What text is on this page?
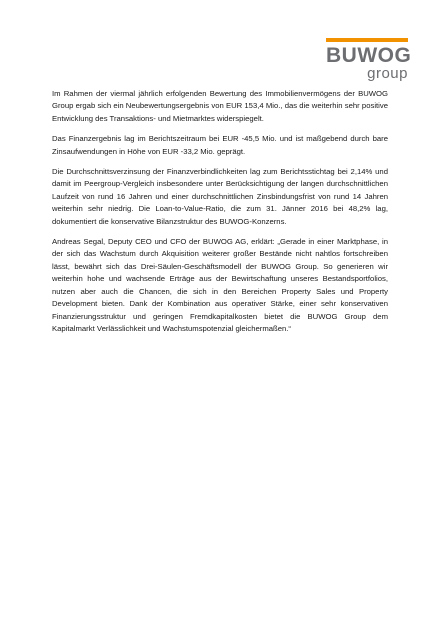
BUWOG
group

Im Rahmen der viermal jährlich erfolgenden Bewertung des Immobilienvermögens der BUWOG Group ergab sich ein Neubewertungsergebnis von EUR 153,4 Mio., das die weiterhin sehr positive Entwicklung des Transaktions- und Mietmarktes widerspiegelt.

Das Finanzergebnis lag im Berichtszeitraum bei EUR -45,5 Mio. und ist maßgebend durch bare Zinsaufwendungen in Höhe von EUR -33,2 Mio. geprägt.

Die Durchschnittsverzinsung der Finanzverbindlichkeiten lag zum Berichtsstichtag bei 2,14% und damit im Peergroup-Vergleich insbesondere unter Berücksichtigung der langen durchschnittlichen Laufzeit von rund 16 Jahren und einer durchschnittlichen Zinsbindungsfrist von rund 14 Jahren weiterhin sehr niedrig. Die Loan-to-Value-Ratio, die zum 31. Jänner 2016 bei 48,2% lag, dokumentiert die konservative Bilanzstruktur des BUWOG-Konzerns.

Andreas Segal, Deputy CEO und CFO der BUWOG AG, erklärt: „Gerade in einer Marktphase, in der sich das Wachstum durch Akquisition weiterer großer Bestände nicht nahtlos fortschreiben lässt, bewährt sich das Drei-Säulen-Geschäftsmodell der BUWOG Group. So generieren wir weiterhin hohe und wachsende Erträge aus der Bewirtschaftung unseres Bestandsportfolios, nutzen aber auch die Chancen, die sich in den Bereichen Property Sales und Property Development bieten. Dank der Kombination aus operativer Stärke, einer sehr konservativen Finanzierungsstruktur und geringen Fremdkapitalkosten bietet die BUWOG Group dem Kapitalmarkt Verlässlichkeit und Wachstumspotenzial gleichermaßen.“
